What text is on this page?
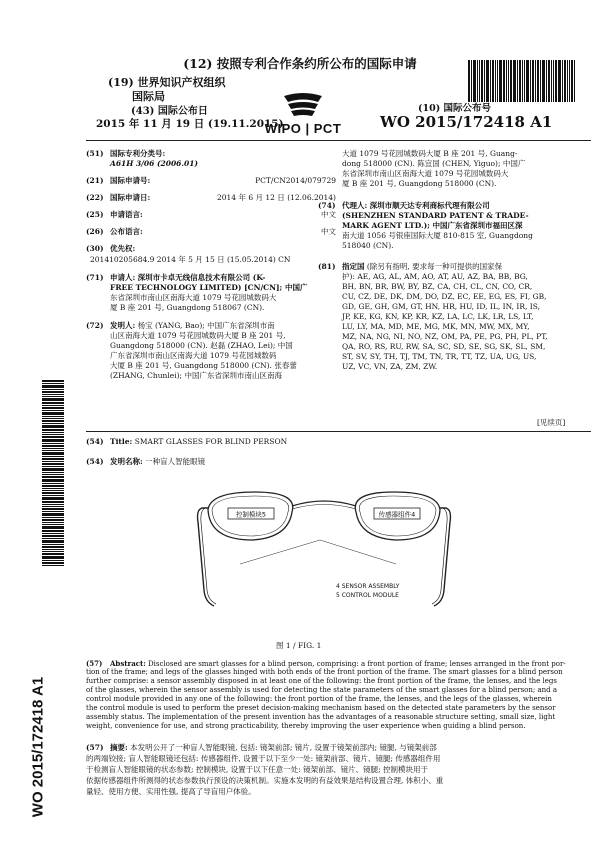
(12) 按照专利合作条约所公布的国际申请
(19) 世界知识产权组织
国际局
(43) 国际公布日
2015 年 11 月 19 日 (19.11.2015)
WIPO | PCT
(10) 国际公布号
WO 2015/172418 A1
WO 2015/172418 A1
(51) 国际专利分类号:
A61H 3/06 (2006.01)
(21) 国际申请号:	PCT/CN2014/079729
(22) 国际申请日:	2014 年 6 月 12 日 (12.06.2014)
(25) 申请语言:	中文
(26) 公布语言:	中文
(30) 优先权:
201410205684.9 2014 年 5 月 15 日 (15.05.2014) CN
(71) 申请人: 深圳市卡卓无线信息技术有限公司 (K-
FREE TECHNOLOGY LIMITED) [CN/CN]; 中国广
东省深圳市南山区南海大道 1079 号花园城数码大
厦 B 座 201 号, Guangdong 518067 (CN).
(72) 发明人: 杨宝 (YANG, Bao); 中国广东省深圳市南
山区南海大道 1079 号花园城数码大厦 B 座 201 号,
Guangdong 518000 (CN). 赵磊 (ZHAO, Lei); 中国
广东省深圳市南山区南海大道 1079 号花园城数码
大厦 B 座 201 号, Guangdong 518000 (CN). 张春蕾
(ZHANG, Chunlei); 中国广东省深圳市南山区南海
大道 1079 号花园城数码大厦 B 座 201 号, Guang-
dong 518000 (CN). 陈宜国 (CHEN, Yiguo); 中国广
东省深圳市南山区南海大道 1079 号花园城数码大
厦 B 座 201 号, Guangdong 518000 (CN).
(74) 代理人: 深圳市顺天达专利商标代理有限公司
(SHENZHEN STANDARD PATENT & TRADE-
MARK AGENT LTD.); 中国广东省深圳市福田区深
南大道 1056 号银座国际大厦 810-815 室, Guangdong
518040 (CN).
(81) 指定国 (除另有指明, 要求每一种可提供的国家保
护): AE, AG, AL, AM, AO, AT, AU, AZ, BA, BB, BG,
BH, BN, BR, BW, BY, BZ, CA, CH, CL, CN, CO, CR,
CU, CZ, DE, DK, DM, DO, DZ, EC, EE, EG, ES, FI, GB,
GD, GE, GH, GM, GT, HN, HR, HU, ID, IL, IN, IR, IS,
JP, KE, KG, KN, KP, KR, KZ, LA, LC, LK, LR, LS, LT,
LU, LY, MA, MD, ME, MG, MK, MN, MW, MX, MY,
MZ, NA, NG, NI, NO, NZ, OM, PA, PE, PG, PH, PL, PT,
QA, RO, RS, RU, RW, SA, SC, SD, SE, SG, SK, SL, SM,
ST, SV, SY, TH, TJ, TM, TN, TR, TT, TZ, UA, UG, US,
UZ, VC, VN, ZA, ZM, ZW.
[见续页]
(54) Title: SMART GLASSES FOR BLIND PERSON
(54) 发明名称: 一种盲人智能眼镜
控制模块5	传感器组件4
4 SENSOR ASSEMBLY
5 CONTROL MODULE
图 1 / FIG. 1
(57) Abstract: Disclosed are smart glasses for a blind person, comprising: a front portion of frame; lenses arranged in the front por-
tion of the frame; and legs of the glasses hinged with both ends of the front portion of the frame. The smart glasses for a blind person
further comprise: a sensor assembly disposed in at least one of the following: the front portion of the frame, the lenses, and the legs
of the glasses, wherein the sensor assembly is used for detecting the state parameters of the smart glasses for a blind person; and a
control module provided in any one of the following: the front portion of the frame, the lenses, and the legs of the glasses, wherein
the control module is used to perform the preset decision-making mechanism based on the detected state parameters by the sensor
assembly status. The implementation of the present invention has the advantages of a reasonable structure setting, small size, light
weight, convenience for use, and strong practicability, thereby improving the user experience when guiding a blind person.
(57) 摘要: 本发明公开了一种盲人智能眼镜, 包括: 镜架前部; 镜片, 设置于镜架前部内; 镜腿, 与镜架前部
的两端铰接; 盲人智能眼镜还包括: 传感器组件, 设置于以下至少一处: 镜架前部、镜片、镜腿; 传感器组件用
于检测盲人智能眼镜的状态参数; 控制模块, 设置于以下任意一处: 镜架前部、镜片、镜腿; 控制模块用于
依据传感器组件所测得的状态参数执行预设的决策机制。实施本发明的有益效果是结构设置合理, 体积小、重
量轻、使用方便、实用性强, 提高了导盲用户体验。
